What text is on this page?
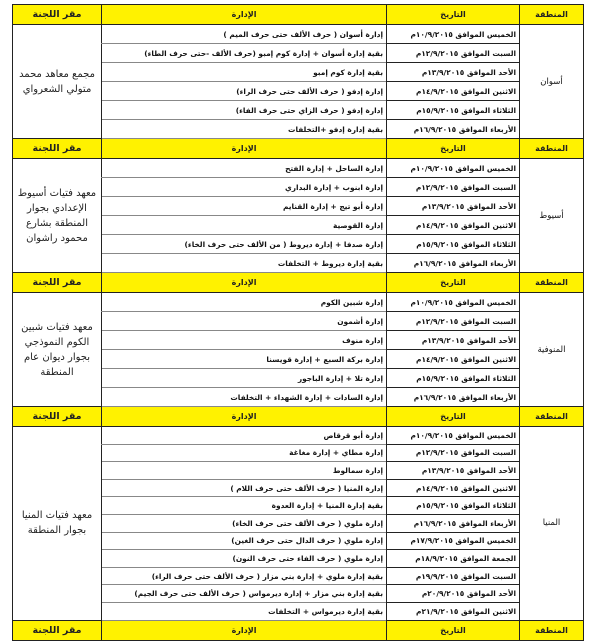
المنطقة	التاريخ	الإدارة	مقر اللجنة
أسوان	الخميس الموافق ١٠/٩/٢٠١٥م	إدارة أسوان ( حرف الألف حتى حرف الميم )	مجمع معاهد محمد متولي الشعرواي
	السبت الموافق ١٢/٩/٢٠١٥م	بقية إدارة أسوان + إدارة كوم إمبو (حرف الألف -حتى حرف الطاء)	
	الأحد الموافق ١٣/٩/٢٠١٥م	بقية إدارة كوم إمبو	
	الاثنين الموافق ١٤/٩/٢٠١٥م	إدارة إدفو ( حرف الألف حتى حرف الراء)	
	الثلاثاء الموافق ١٥/٩/٢٠١٥م	إدارة إدفو ( حرف الزاي حتى حرف الفاء)	
	الأربعاء الموافق ١٦/٩/٢٠١٥م	بقية إدارة إدفو +التخلفات	
المنطقة	التاريخ	الإدارة	مقر اللجنة
أسيوط	الخميس الموافق ١٠/٩/٢٠١٥م	إدارة الساحل + إدارة الفتح	معهد فتيات أسيوط الإعدادي بجوار المنطقة بشارع محمود راشوان
	السبت الموافق ١٢/٩/٢٠١٥م	إدارة ابنوب + إدارة البداري	
	الأحد الموافق ١٣/٩/٢٠١٥م	إدارة أبو تيج + إدارة القنايم	
	الاثنين الموافق ١٤/٩/٢٠١٥م	إدارة القوصية	
	الثلاثاء الموافق ١٥/٩/٢٠١٥م	إدارة صدفا + إدارة ديروط ( من الألف حتى حرف الخاء)	
	الأربعاء الموافق ١٦/٩/٢٠١٥م	بقية إدارة ديروط + التخلفات	
المنطقة	التاريخ	الإدارة	مقر اللجنة
المنوفية	الخميس الموافق ١٠/٩/٢٠١٥م	إدارة شبين الكوم	معهد فتيات شبين الكوم النموذجي بجوار ديوان عام المنطقة
	السبت الموافق ١٢/٩/٢٠١٥م	إدارة أشمون	
	الأحد الموافق ١٣/٩/٢٠١٥م	إدارة منوف	
	الاثنين الموافق ١٤/٩/٢٠١٥م	إدارة بركة السبع + إدارة قويسنا	
	الثلاثاء الموافق ١٥/٩/٢٠١٥م	إدارة تلا + إدارة الباجور	
	الأربعاء الموافق ١٦/٩/٢٠١٥م	إدارة السادات + إدارة الشهداء + التخلفات	
المنطقة	التاريخ	الإدارة	مقر اللجنة
المنيا	الخميس الموافق ١٠/٩/٢٠١٥م	إدارة أبو قرقاص	معهد فتيات المنيا بجوار المنطقة
	السبت الموافق ١٢/٩/٢٠١٥م	إدارة مطاي + إدارة مغاغة	
	الأحد الموافق ١٣/٩/٢٠١٥م	إدارة سمالوط	
	الاثنين الموافق ١٤/٩/٢٠١٥م	إدارة المنيا ( حرف الألف حتى حرف اللام )	
	الثلاثاء الموافق ١٥/٩/٢٠١٥م	بقية إدارة المنيا + إدارة العدوة	
	الأربعاء الموافق ١٦/٩/٢٠١٥م	إدارة ملوي ( حرف الألف حتى حرف الخاء)	
	الخميس الموافق ١٧/٩/٢٠١٥م	إدارة ملوي ( حرف الدال حتى حرف الغين)	
	الجمعة الموافق ١٨/٩/٢٠١٥م	إدارة ملوي ( حرف الفاء حتى حرف النون)	
	السبت الموافق ١٩/٩/٢٠١٥م	بقية إدارة ملوي + إدارة بني مزار ( حرف الألف حتى حرف الراء)	
	الأحد الموافق ٢٠/٩/٢٠١٥م	بقية إدارة بني مزار + إدارة ديرمواس ( حرف الألف حتى حرف الجيم)	
	الاثنين الموافق ٢١/٩/٢٠١٥م	بقية إدارة ديرمواس + التخلفات	
المنطقة	التاريخ	الإدارة	مقر اللجنة
